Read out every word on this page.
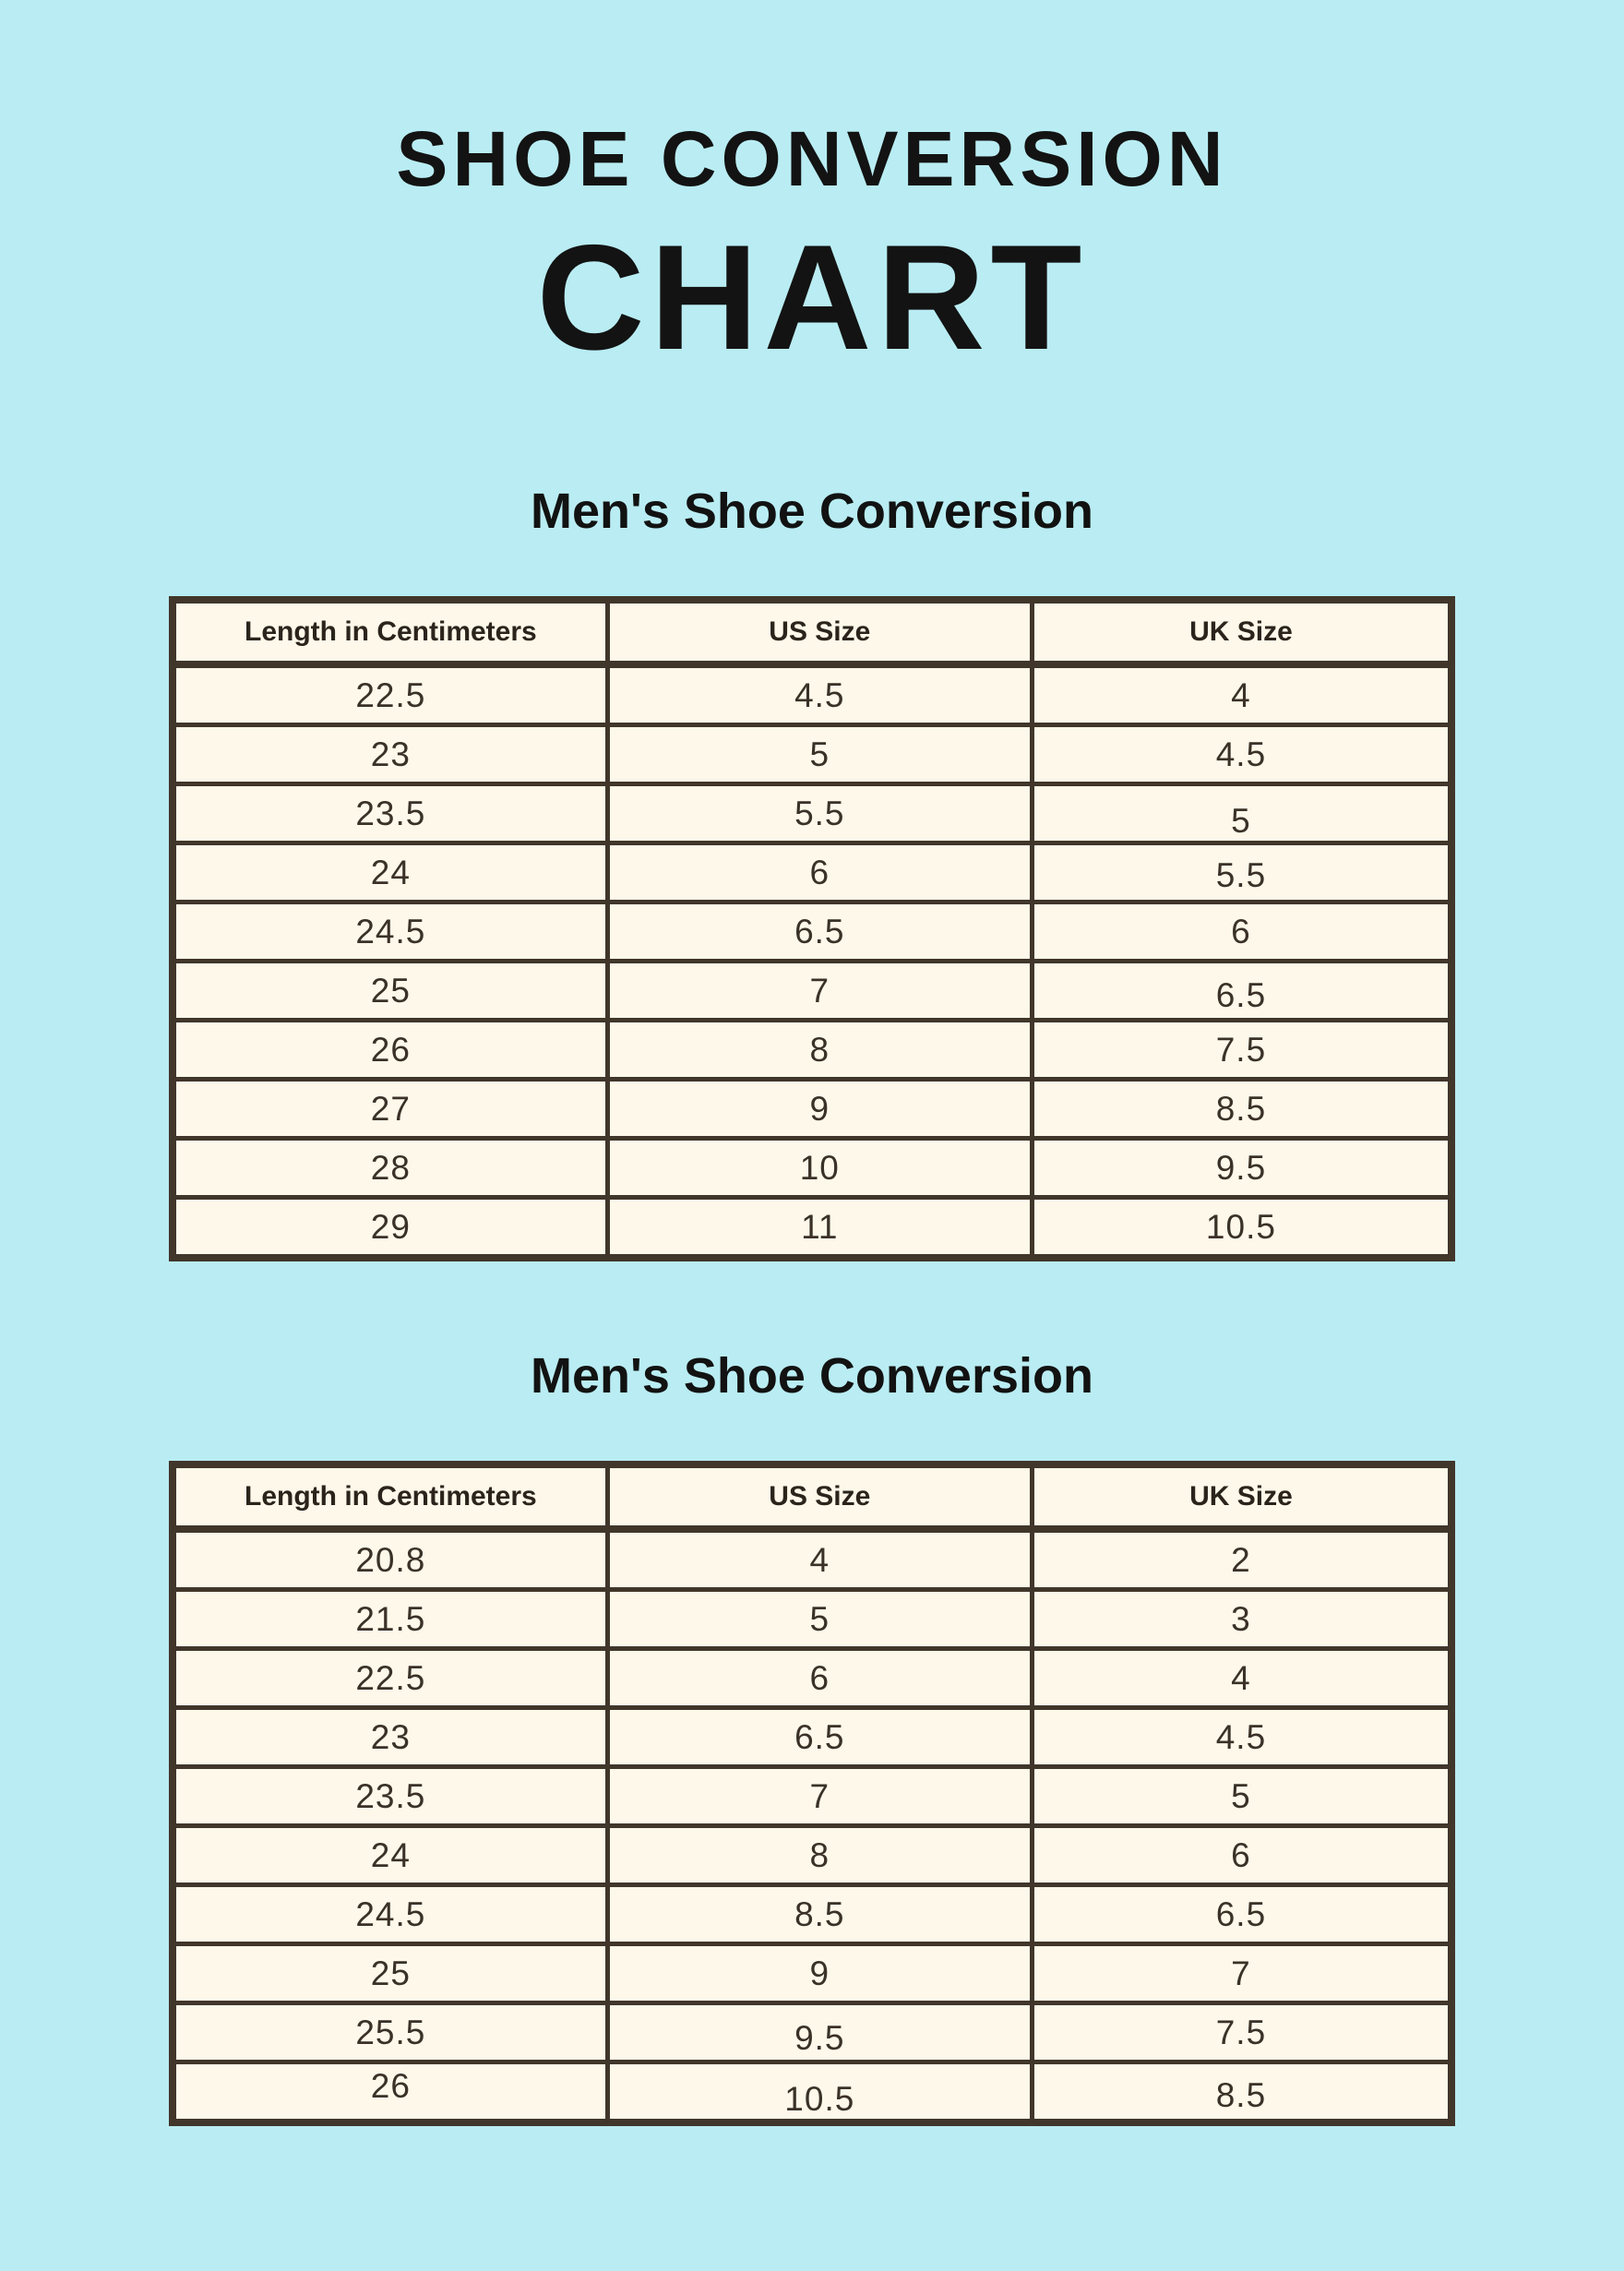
SHOE CONVERSION
CHART
Men's Shoe Conversion
Length in Centimeters	US Size	UK Size
22.5	4.5	4
23	5	4.5
23.5	5.5	5
24	6	5.5
24.5	6.5	6
25	7	6.5
26	8	7.5
27	9	8.5
28	10	9.5
29	11	10.5
Men's Shoe Conversion
Length in Centimeters	US Size	UK Size
20.8	4	2
21.5	5	3
22.5	6	4
23	6.5	4.5
23.5	7	5
24	8	6
24.5	8.5	6.5
25	9	7
25.5	9.5	7.5
26	10.5	8.5
